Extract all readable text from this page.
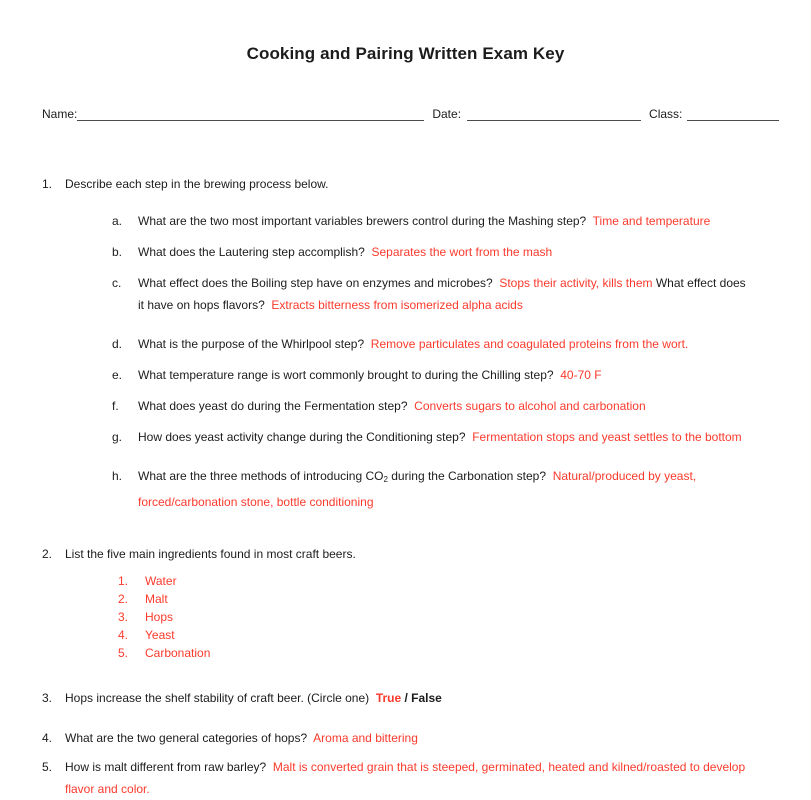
Cooking and Pairing Written Exam Key
Name:	Date:	Class:
1.	Describe each step in the brewing process below.
a.	What are the two most important variables brewers control during the Mashing step?  Time and temperature
b.	What does the Lautering step accomplish?  Separates the wort from the mash
c.	What effect does the Boiling step have on enzymes and microbes?  Stops their activity, kills them What effect does it have on hops flavors?  Extracts bitterness from isomerized alpha acids
d.	What is the purpose of the Whirlpool step?  Remove particulates and coagulated proteins from the wort.
e.	What temperature range is wort commonly brought to during the Chilling step?  40-70 F
f.	What does yeast do during the Fermentation step?  Converts sugars to alcohol and carbonation
g.	How does yeast activity change during the Conditioning step?  Fermentation stops and yeast settles to the bottom
h.	What are the three methods of introducing CO2 during the Carbonation step?  Natural/produced by yeast, forced/carbonation stone, bottle conditioning
2.	List the five main ingredients found in most craft beers.
1.	Water
2.	Malt
3.	Hops
4.	Yeast
5.	Carbonation
3.	Hops increase the shelf stability of craft beer. (Circle one)  True / False
4.	What are the two general categories of hops?  Aroma and bittering
5.	How is malt different from raw barley?  Malt is converted grain that is steeped, germinated, heated and kilned/roasted to develop flavor and color.
